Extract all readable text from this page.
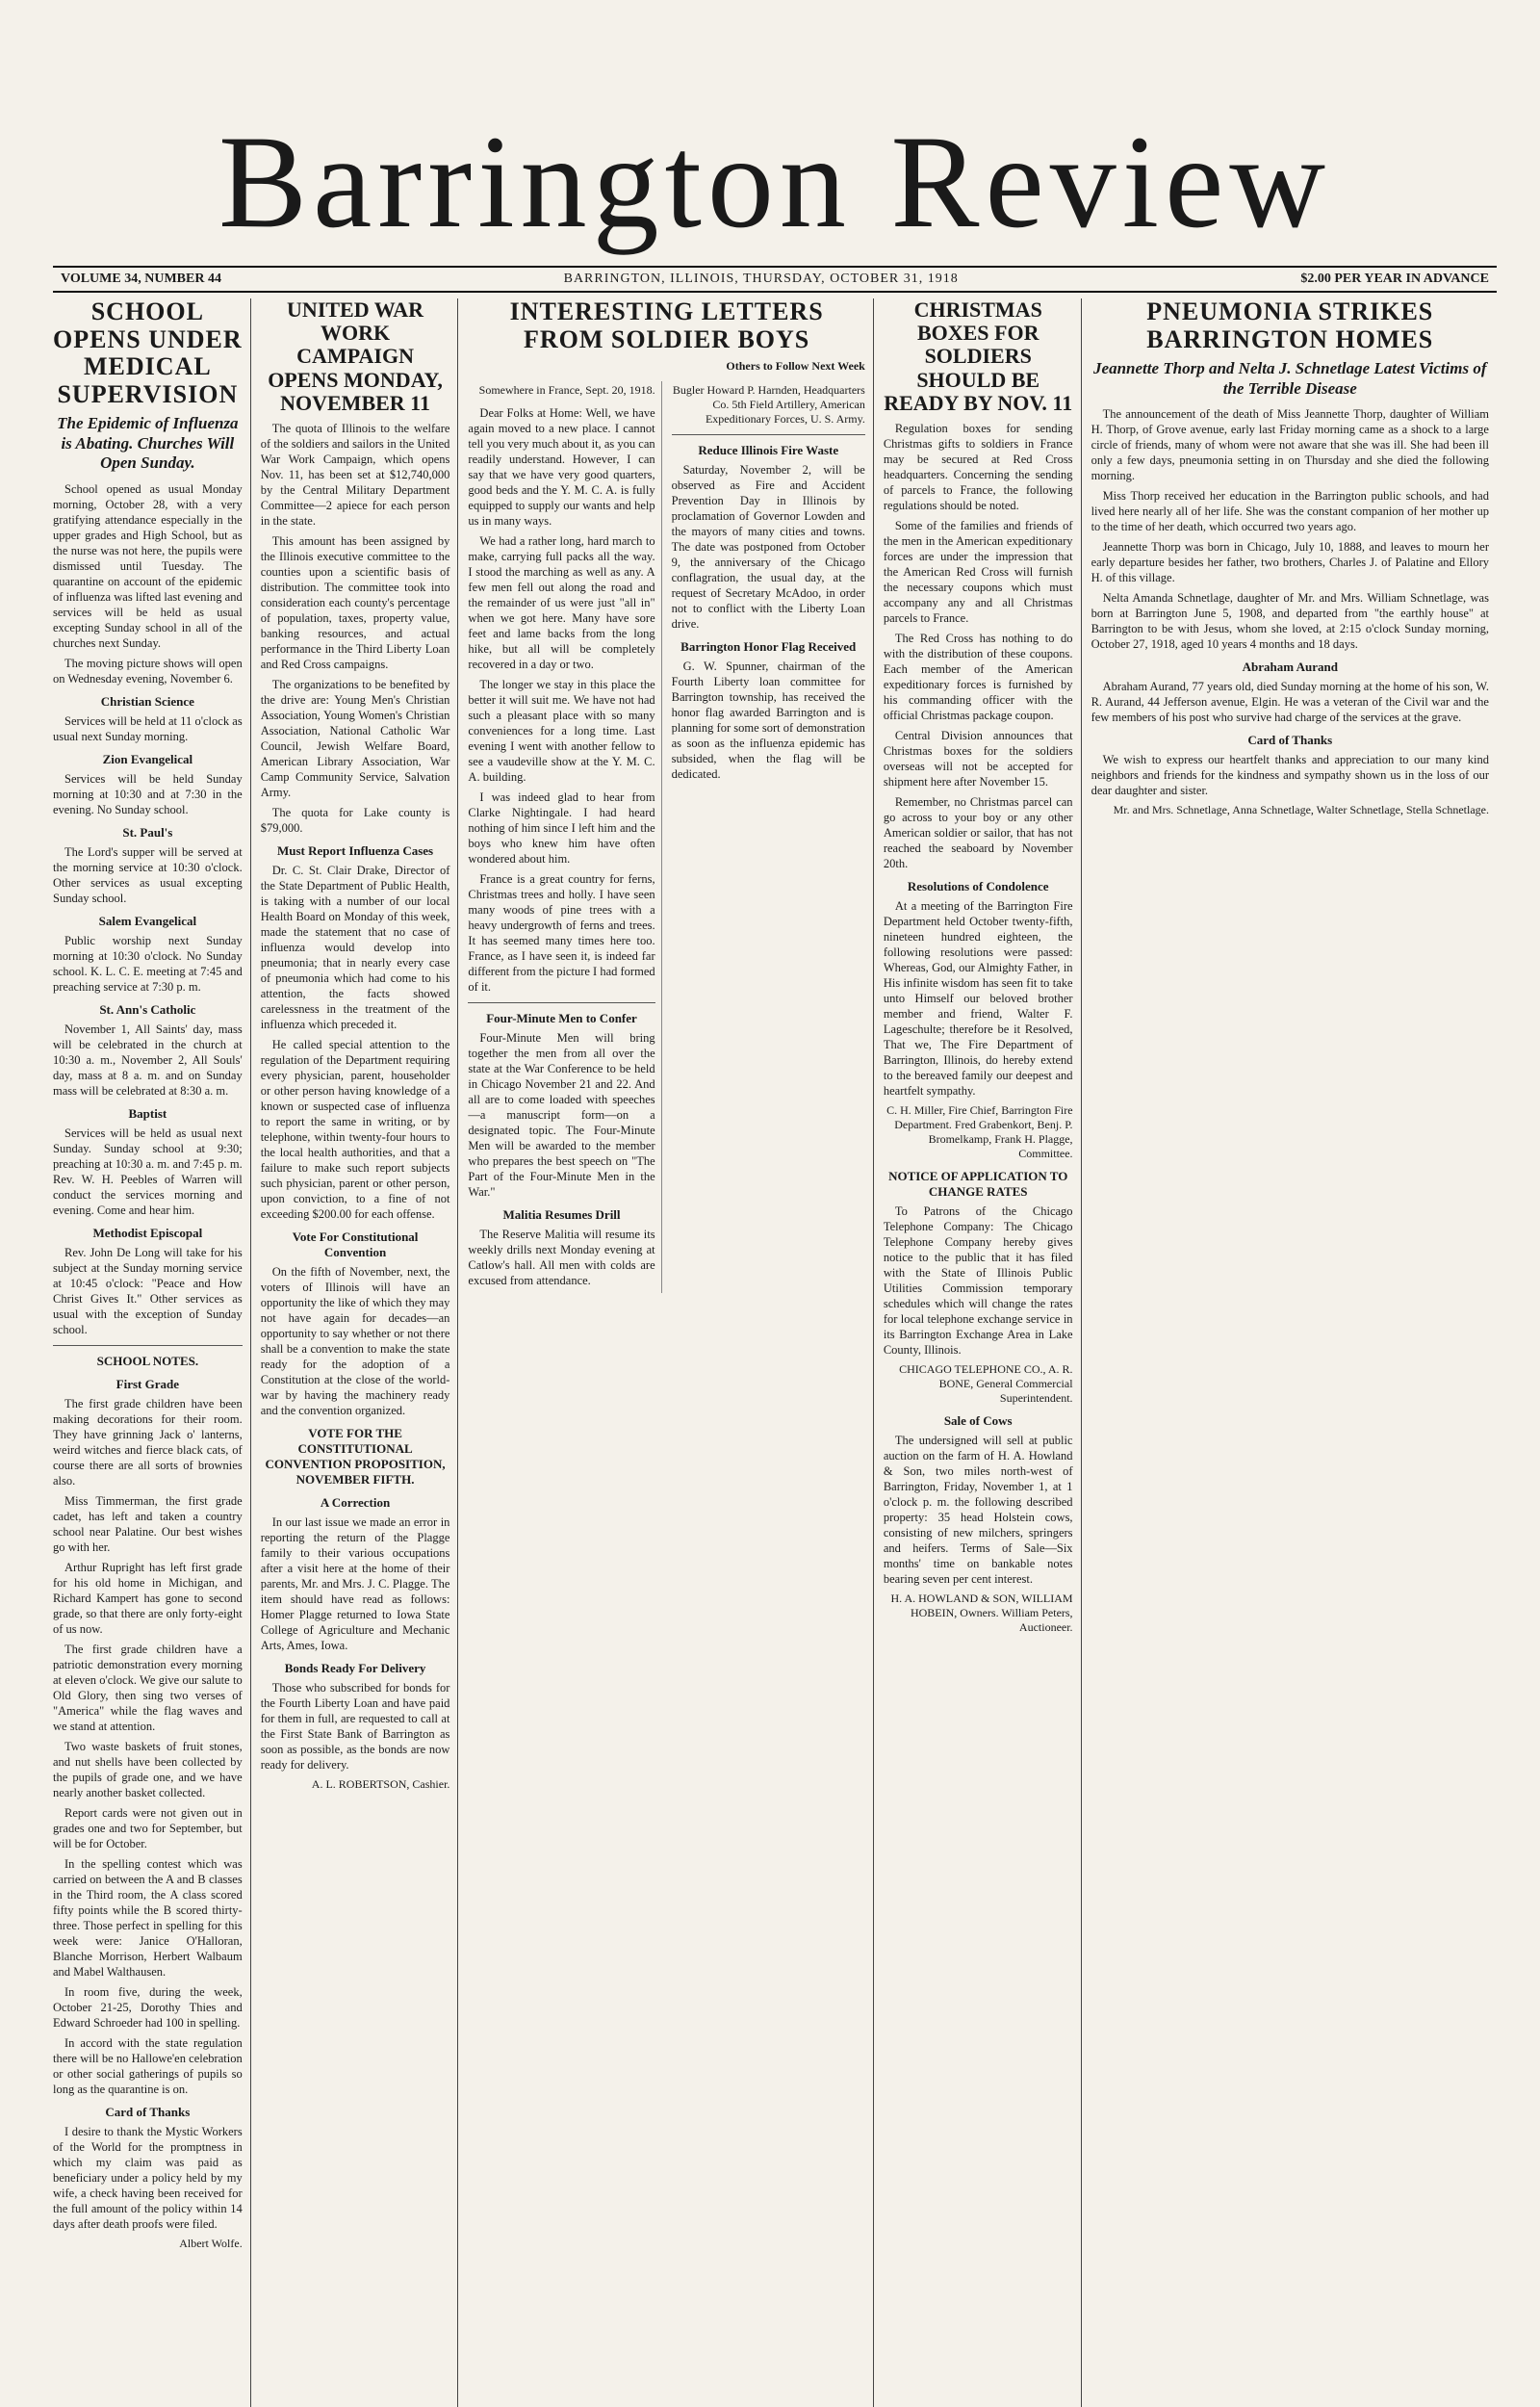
Barrington Review
VOLUME 34, NUMBER 44	BARRINGTON, ILLINOIS, THURSDAY, OCTOBER 31, 1918	$2.00 PER YEAR IN ADVANCE
SCHOOL OPENS UNDER MEDICAL SUPERVISION
The Epidemic of Influenza is Abating. Churches Will Open Sunday.

School opened as usual Monday morning, October 28, with a very gratifying attendance especially in the upper grades and High School, but as the nurse was not here, the pupils were dismissed until Tuesday. The quarantine on account of the epidemic of influenza was lifted last evening and services will be held as usual excepting Sunday school in all of the churches next Sunday.

The moving picture shows will open on Wednesday evening, November 6.

Christian Science

Services will be held at 11 o'clock as usual next Sunday morning.

Zion Evangelical

Services will be held Sunday morning at 10:30 and at 7:30 in the evening. No Sunday school.

St. Paul's

The Lord's supper will be served at the morning service at 10:30 o'clock. Other services as usual excepting Sunday school.

Salem Evangelical

Public worship next Sunday morning at 10:30 o'clock. No Sunday school. K. L. C. E. meeting at 7:45 and preaching service at 7:30 p. m.

St. Ann's Catholic

November 1, All Saints' day, mass will be celebrated in the church at 10:30 a. m., November 2, All Souls' day, mass at 8 a. m. and on Sunday mass will be celebrated at 8:30 a. m.

Baptist

Services will be held as usual next Sunday. Sunday school at 9:30; preaching at 10:30 a. m. and 7:45 p. m. Rev. W. H. Peebles of Warren will conduct the services morning and evening. Come and hear him.

Methodist Episcopal

Rev. John De Long will take for his subject at the Sunday morning service at 10:45 o'clock: "Peace and How Christ Gives It." Other services as usual with the exception of Sunday school.

SCHOOL NOTES.
First Grade

The first grade children have been making decorations for their room. They have grinning Jack o' lanterns, weird witches and fierce black cats, of course there are all sorts of brownies also.

Miss Timmerman, the first grade cadet, has left and taken a country school near Palatine. Our best wishes go with her.

Arthur Rupright has left first grade for his old home in Michigan, and Richard Kampert has gone to second grade, so that there are only forty-eight of us now.

The first grade children have a patriotic demonstration every morning at eleven o'clock. We give our salute to Old Glory, then sing two verses of "America" while the flag waves and we stand at attention.

Two waste baskets of fruit stones, and nut shells have been collected by the pupils of grade one, and we have nearly another basket collected.

Report cards were not given out in grades one and two for September, but will be for October.

In the spelling contest which was carried on between the A and B classes in the Third room, the A class scored fifty points while the B scored thirty-three. Those perfect in spelling for this week were: Janice O'Halloran, Blanche Morrison, Herbert Walbaum and Mabel Walthausen.

In room five, during the week, October 21-25, Dorothy Thies and Edward Schroeder had 100 in spelling.

In accord with the state regulation there will be no Hallowe'en celebration or other social gatherings of pupils so long as the quarantine is on.

Card of Thanks

I desire to thank the Mystic Workers of the World for the promptness in which my claim was paid as beneficiary under a policy held by my wife, a check having been received for the full amount of the policy within 14 days after death proofs were filed.

Albert Wolfe.
UNITED WAR WORK CAMPAIGN OPENS MONDAY, NOVEMBER 11

The quota of Illinois to the welfare of the soldiers and sailors in the United War Work Campaign, which opens Nov. 11, has been set at $12,740,000 by the Central Military Department Committee—2 apiece for each person in the state.

This amount has been assigned by the Illinois executive committee to the counties upon a scientific basis of distribution. The committee took into consideration each county's percentage of population, taxes, property value, banking resources, and actual performance in the Third Liberty Loan and Red Cross campaigns.

The organizations to be benefited by the drive are: Young Men's Christian Association, Young Women's Christian Association, National Catholic War Council, Jewish Welfare Board, American Library Association, War Camp Community Service, Salvation Army.

The quota for Lake county is $79,000.

Must Report Influenza Cases

Dr. C. St. Clair Drake, Director of the State Department of Public Health, is taking with a number of our local Health Board on Monday of this week, made the statement that no case of influenza would develop into pneumonia; that in nearly every case of pneumonia which had come to his attention, the facts showed carelessness in the treatment of the influenza which preceded it.

He called special attention to the regulation of the Department requiring every physician, parent, householder or other person having knowledge of a known or suspected case of influenza to report the same in writing, or by telephone, within twenty-four hours to the local health authorities, and that a failure to make such report subjects such physician, parent or other person, upon conviction, to a fine of not exceeding $200.00 for each offense.

Vote For Constitutional Convention

On the fifth of November, next, the voters of Illinois will have an opportunity the like of which they may not have again for decades—an opportunity to say whether or not there shall be a convention to make the state ready for the adoption of a Constitution at the close of the world-war by having the machinery ready and the convention organized.

VOTE FOR THE CONSTITUTIONAL CONVENTION PROPOSITION, NOVEMBER FIFTH.
A Correction

In our last issue we made an error in reporting the return of the Plagge family to their various occupations after a visit here at the home of their parents, Mr. and Mrs. J. C. Plagge. The item should have read as follows: Homer Plagge returned to Iowa State College of Agriculture and Mechanic Arts, Ames, Iowa.

Bonds Ready For Delivery

Those who subscribed for bonds for the Fourth Liberty Loan and have paid for them in full, are requested to call at the First State Bank of Barrington as soon as possible, as the bonds are now ready for delivery.

A. L. ROBERTSON, Cashier.
INTERESTING LETTERS FROM SOLDIER BOYS
Others to Follow Next Week
Somewhere in France, Sept. 20, 1918.

Dear Folks at Home: Well, we have again moved to a new place. I cannot tell you very much about it, as you can readily understand. However, I can say that we have very good quarters, good beds and the Y. M. C. A. is fully equipped to supply our wants and help us in many ways.

We had a rather long, hard march to make, carrying full packs all the way. I stood the marching as well as any. A few men fell out along the road and the remainder of us were just "all in" when we got here. Many have sore feet and lame backs from the long hike, but all will be completely recovered in a day or two.

The longer we stay in this place the better it will suit me. We have not had such a pleasant place with so many conveniences for a long time. Last evening I went with another fellow to see a vaudeville show at the Y. M. C. A. building.

I was indeed glad to hear from Clarke Nightingale. I had heard nothing of him since I left him and the boys who knew him have often wondered about him.

France is a great country for ferns, Christmas trees and holly. I have seen many woods of pine trees with a heavy undergrowth of ferns and trees. It has seemed many times here too. France, as I have seen it, is indeed far different from the picture I had formed of it.

Four-Minute Men to Confer

Four-Minute Men will bring together the men from all over the state at the War Conference to be held in Chicago November 21 and 22. And all are to come loaded with speeches—a manuscript form—on a designated topic. The Four-Minute Men will be awarded to the member who prepares the best speech on "The Part of the Four-Minute Men in the War."

Malitia Resumes Drill

The Reserve Malitia will resume its weekly drills next Monday evening at Catlow's hall. All men with colds are excused from attendance.

Bugler Howard P. Harnden, Headquarters Co. 5th Field Artillery, American Expeditionary Forces, U. S. Army.
Reduce Illinois Fire Waste

Saturday, November 2, will be observed as Fire and Accident Prevention Day in Illinois by proclamation of Governor Lowden and the mayors of many cities and towns. The date was postponed from October 9, the anniversary of the Chicago conflagration, the usual day, at the request of Secretary McAdoo, in order not to conflict with the Liberty Loan drive.

Barrington Honor Flag Received

G. W. Spunner, chairman of the Fourth Liberty loan committee for Barrington township, has received the honor flag awarded Barrington and is planning for some sort of demonstration as soon as the influenza epidemic has subsided, when the flag will be dedicated.

CHRISTMAS BOXES FOR SOLDIERS SHOULD BE READY BY NOV. 11

Regulation boxes for sending Christmas gifts to soldiers in France may be secured at Red Cross headquarters. Concerning the sending of parcels to France, the following regulations should be noted.

Some of the families and friends of the men in the American expeditionary forces are under the impression that the American Red Cross will furnish the necessary coupons which must accompany any and all Christmas parcels to France.

The Red Cross has nothing to do with the distribution of these coupons. Each member of the American expeditionary forces is furnished by his commanding officer with the official Christmas package coupon.

Central Division announces that Christmas boxes for the soldiers overseas will not be accepted for shipment here after November 15.

Remember, no Christmas parcel can go across to your boy or any other American soldier or sailor, that has not reached the seaboard by November 20th.

Resolutions of Condolence

At a meeting of the Barrington Fire Department held October twenty-fifth, nineteen hundred eighteen, the following resolutions were passed: Whereas, God, our Almighty Father, in His infinite wisdom has seen fit to take unto Himself our beloved brother member and friend, Walter F. Lageschulte; therefore be it Resolved, That we, The Fire Department of Barrington, Illinois, do hereby extend to the bereaved family our deepest and heartfelt sympathy.

C. H. Miller, Fire Chief, Barrington Fire Department. Fred Grabenkort, Benj. P. Bromelkamp, Frank H. Plagge, Committee.
NOTICE OF APPLICATION TO CHANGE RATES

To Patrons of the Chicago Telephone Company: The Chicago Telephone Company hereby gives notice to the public that it has filed with the State of Illinois Public Utilities Commission temporary schedules which will change the rates for local telephone exchange service in its Barrington Exchange Area in Lake County, Illinois.

CHICAGO TELEPHONE CO., A. R. BONE, General Commercial Superintendent.
Sale of Cows

The undersigned will sell at public auction on the farm of H. A. Howland & Son, two miles north-west of Barrington, Friday, November 1, at 1 o'clock p. m. the following described property: 35 head Holstein cows, consisting of new milchers, springers and heifers. Terms of Sale—Six months' time on bankable notes bearing seven per cent interest.

H. A. HOWLAND & SON, WILLIAM HOBEIN, Owners. William Peters, Auctioneer.
PNEUMONIA STRIKES BARRINGTON HOMES
Jeannette Thorp and Nelta J. Schnetlage Latest Victims of the Terrible Disease

The announcement of the death of Miss Jeannette Thorp, daughter of William H. Thorp, of Grove avenue, early last Friday morning came as a shock to a large circle of friends, many of whom were not aware that she was ill. She had been ill only a few days, pneumonia setting in on Thursday and she died the following morning.

Miss Thorp received her education in the Barrington public schools, and had lived here nearly all of her life. She was the constant companion of her mother up to the time of her death, which occurred two years ago.

Jeannette Thorp was born in Chicago, July 10, 1888, and leaves to mourn her early departure besides her father, two brothers, Charles J. of Palatine and Ellory H. of this village.

Nelta Amanda Schnetlage, daughter of Mr. and Mrs. William Schnetlage, was born at Barrington June 5, 1908, and departed from "the earthly house" at Barrington to be with Jesus, whom she loved, at 2:15 o'clock Sunday morning, October 27, 1918, aged 10 years 4 months and 18 days.

Abraham Aurand

Abraham Aurand, 77 years old, died Sunday morning at the home of his son, W. R. Aurand, 44 Jefferson avenue, Elgin. He was a veteran of the Civil war and the few members of his post who survive had charge of the services at the grave.

Card of Thanks

We wish to express our heartfelt thanks and appreciation to our many kind neighbors and friends for the kindness and sympathy shown us in the loss of our dear daughter and sister.

Mr. and Mrs. Schnetlage, Anna Schnetlage, Walter Schnetlage, Stella Schnetlage.
